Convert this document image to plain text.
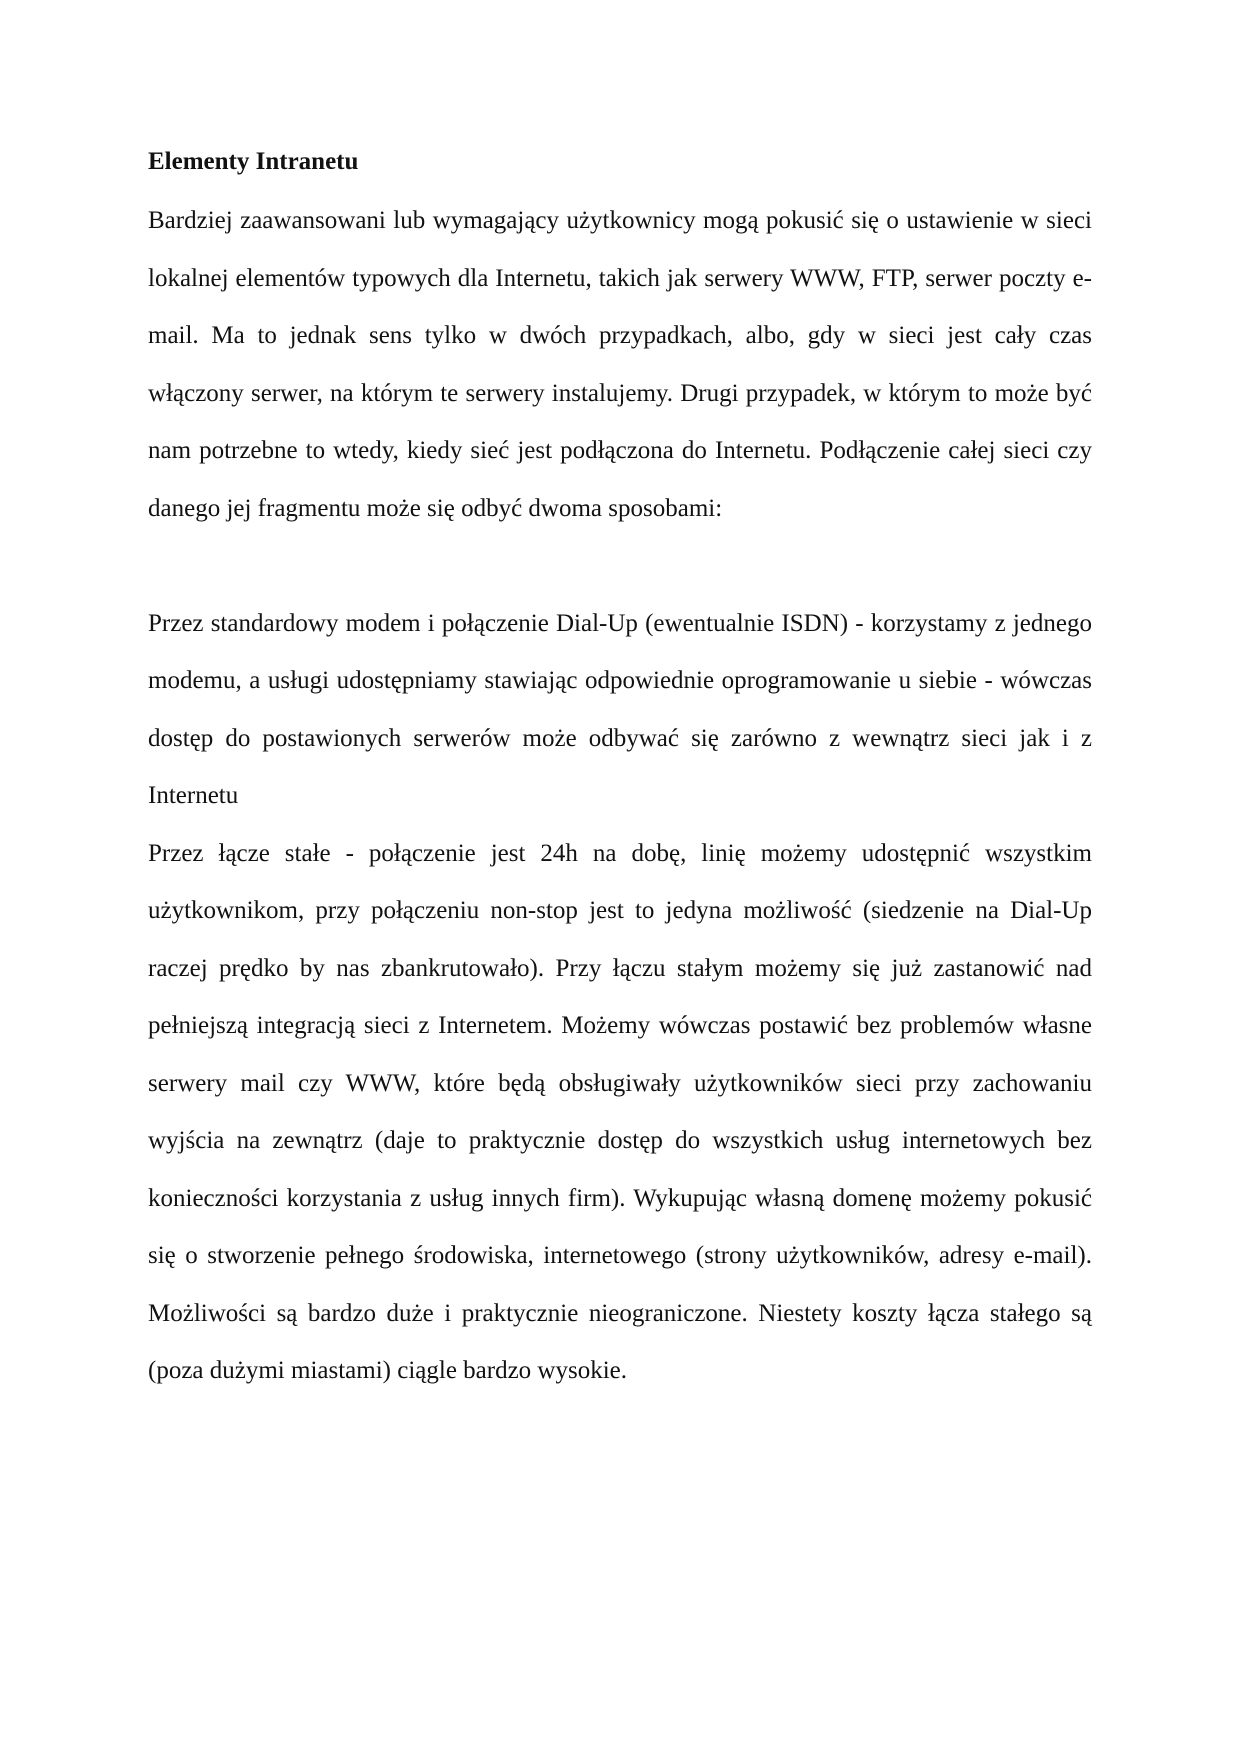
Elementy Intranetu

Bardziej zaawansowani lub wymagający użytkownicy mogą pokusić się o ustawienie w sieci lokalnej elementów typowych dla Internetu, takich jak serwery WWW, FTP, serwer poczty e-mail. Ma to jednak sens tylko w dwóch przypadkach, albo, gdy w sieci jest cały czas włączony serwer, na którym te serwery instalujemy. Drugi przypadek, w którym to może być nam potrzebne to wtedy, kiedy sieć jest podłączona do Internetu. Podłączenie całej sieci czy danego jej fragmentu może się odbyć dwoma sposobami:

Przez standardowy modem i połączenie Dial-Up (ewentualnie ISDN) - korzystamy z jednego modemu, a usługi udostępniamy stawiając odpowiednie oprogramowanie u siebie - wówczas dostęp do postawionych serwerów może odbywać się zarówno z wewnątrz sieci jak i z Internetu

Przez łącze stałe - połączenie jest 24h na dobę, linię możemy udostępnić wszystkim użytkownikom, przy połączeniu non-stop jest to jedyna możliwość (siedzenie na Dial-Up raczej prędko by nas zbankrutowało). Przy łączu stałym możemy się już zastanowić nad pełniejszą integracją sieci z Internetem. Możemy wówczas postawić bez problemów własne serwery mail czy WWW, które będą obsługiwały użytkowników sieci przy zachowaniu wyjścia na zewnątrz (daje to praktycznie dostęp do wszystkich usług internetowych bez konieczności korzystania z usług innych firm). Wykupując własną domenę możemy pokusić się o stworzenie pełnego środowiska, internetowego (strony użytkowników, adresy e-mail). Możliwości są bardzo duże i praktycznie nieograniczone. Niestety koszty łącza stałego są (poza dużymi miastami) ciągle bardzo wysokie.
